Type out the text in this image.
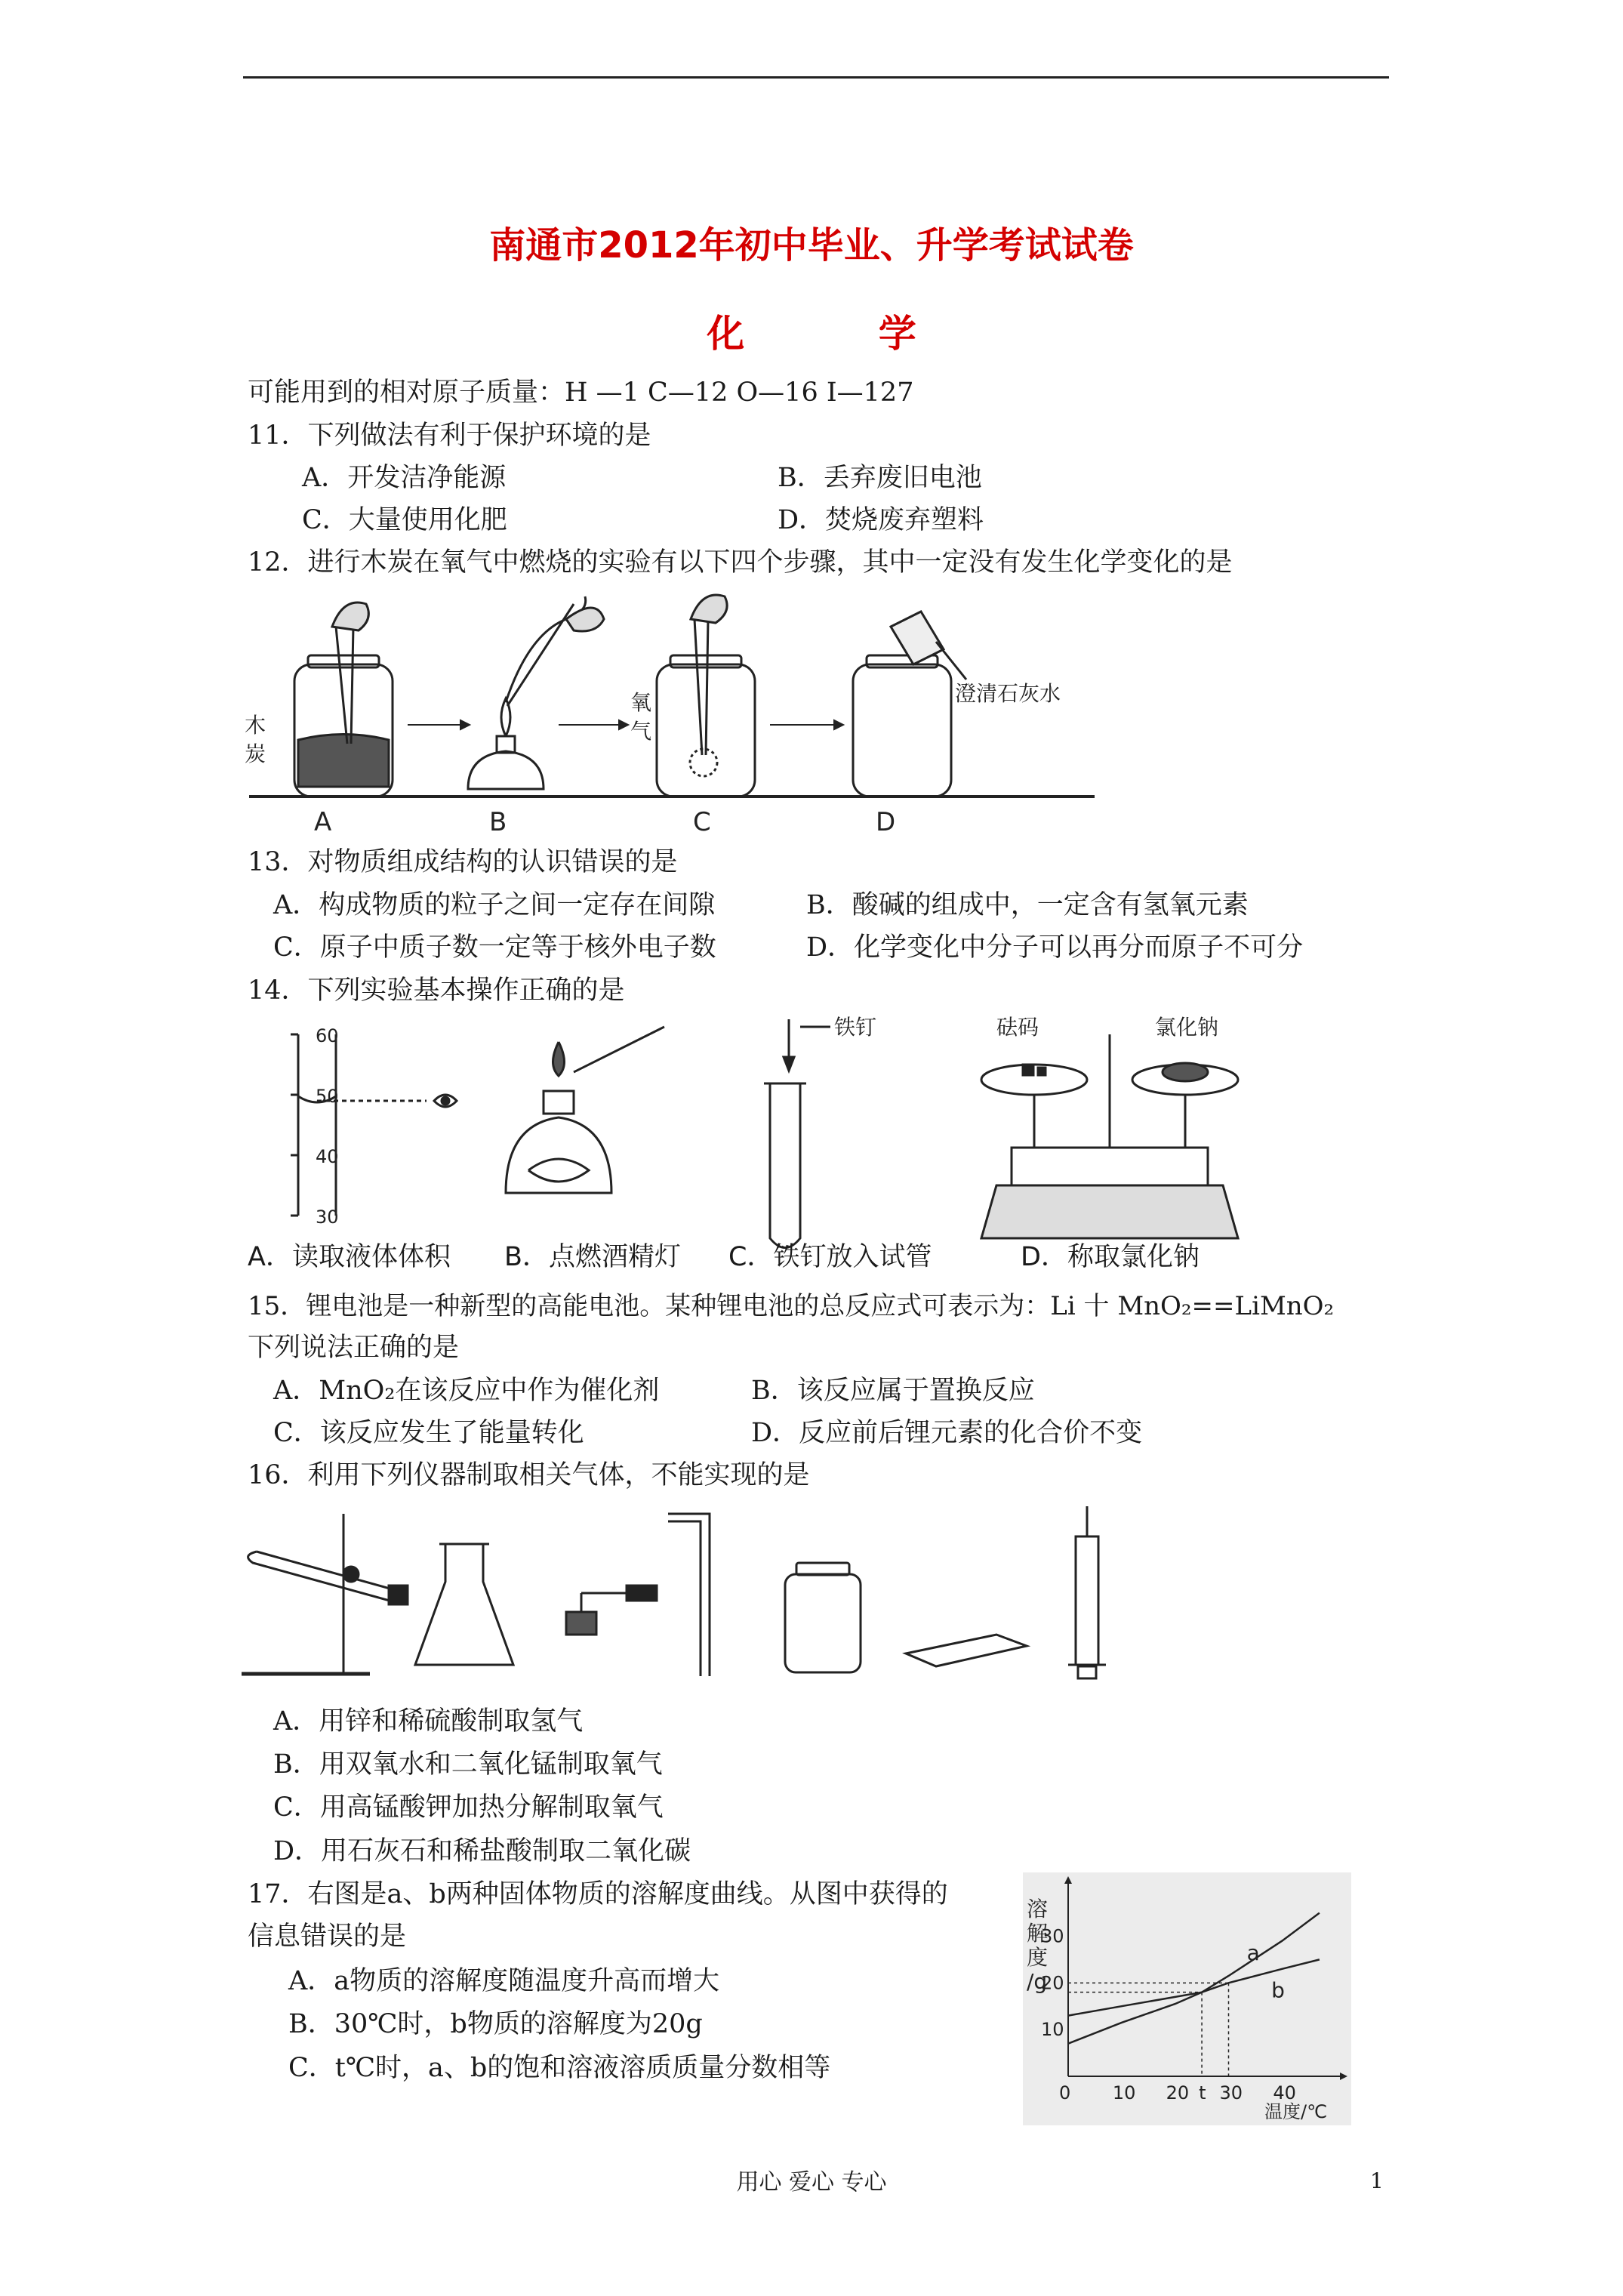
南通市2012年初中毕业、升学考试试卷
化 学
可能用到的相对原子质量：H —1 C—12 O—16 I—127
11．下列做法有利于保护环境的是
A．开发洁净能源	B．丢弃废旧电池
C．大量使用化肥	D．焚烧废弃塑料
12．进行木炭在氧气中燃烧的实验有以下四个步骤，其中一定没有发生化学变化的是
木
炭
氧
气
澄清石灰水
A	B	C	D
13．对物质组成结构的认识错误的是
A．构成物质的粒子之间一定存在间隙	B．酸碱的组成中，一定含有氢氧元素
C．原子中质子数一定等于核外电子数	D．化学变化中分子可以再分而原子不可分
14．下列实验基本操作正确的是
60
50
40
30
铁钉	砝码	氯化钠
A．读取液体体积 B．点燃酒精灯 C．铁钉放入试管	D．称取氯化钠
15．锂电池是一种新型的高能电池。某种锂电池的总反应式可表示为：Li 十 MnO₂==LiMnO₂
下列说法正确的是
A．MnO₂在该反应中作为催化剂	B．该反应属于置换反应
C．该反应发生了能量转化	D．反应前后锂元素的化合价不变
16．利用下列仪器制取相关气体，不能实现的是
A．用锌和稀硫酸制取氢气
B．用双氧水和二氧化锰制取氧气
C．用高锰酸钾加热分解制取氧气
D．用石灰石和稀盐酸制取二氧化碳
17．右图是a、b两种固体物质的溶解度曲线。从图中获得的
信息错误的是
A．a物质的溶解度随温度升高而增大
B．30℃时，b物质的溶解度为20g
C．t℃时，a、b的饱和溶液溶质质量分数相等
0 10 20 t 30 40
10
20
30
a
b
溶
解
度
/g
温度/℃
用心 爱心 专心	1
